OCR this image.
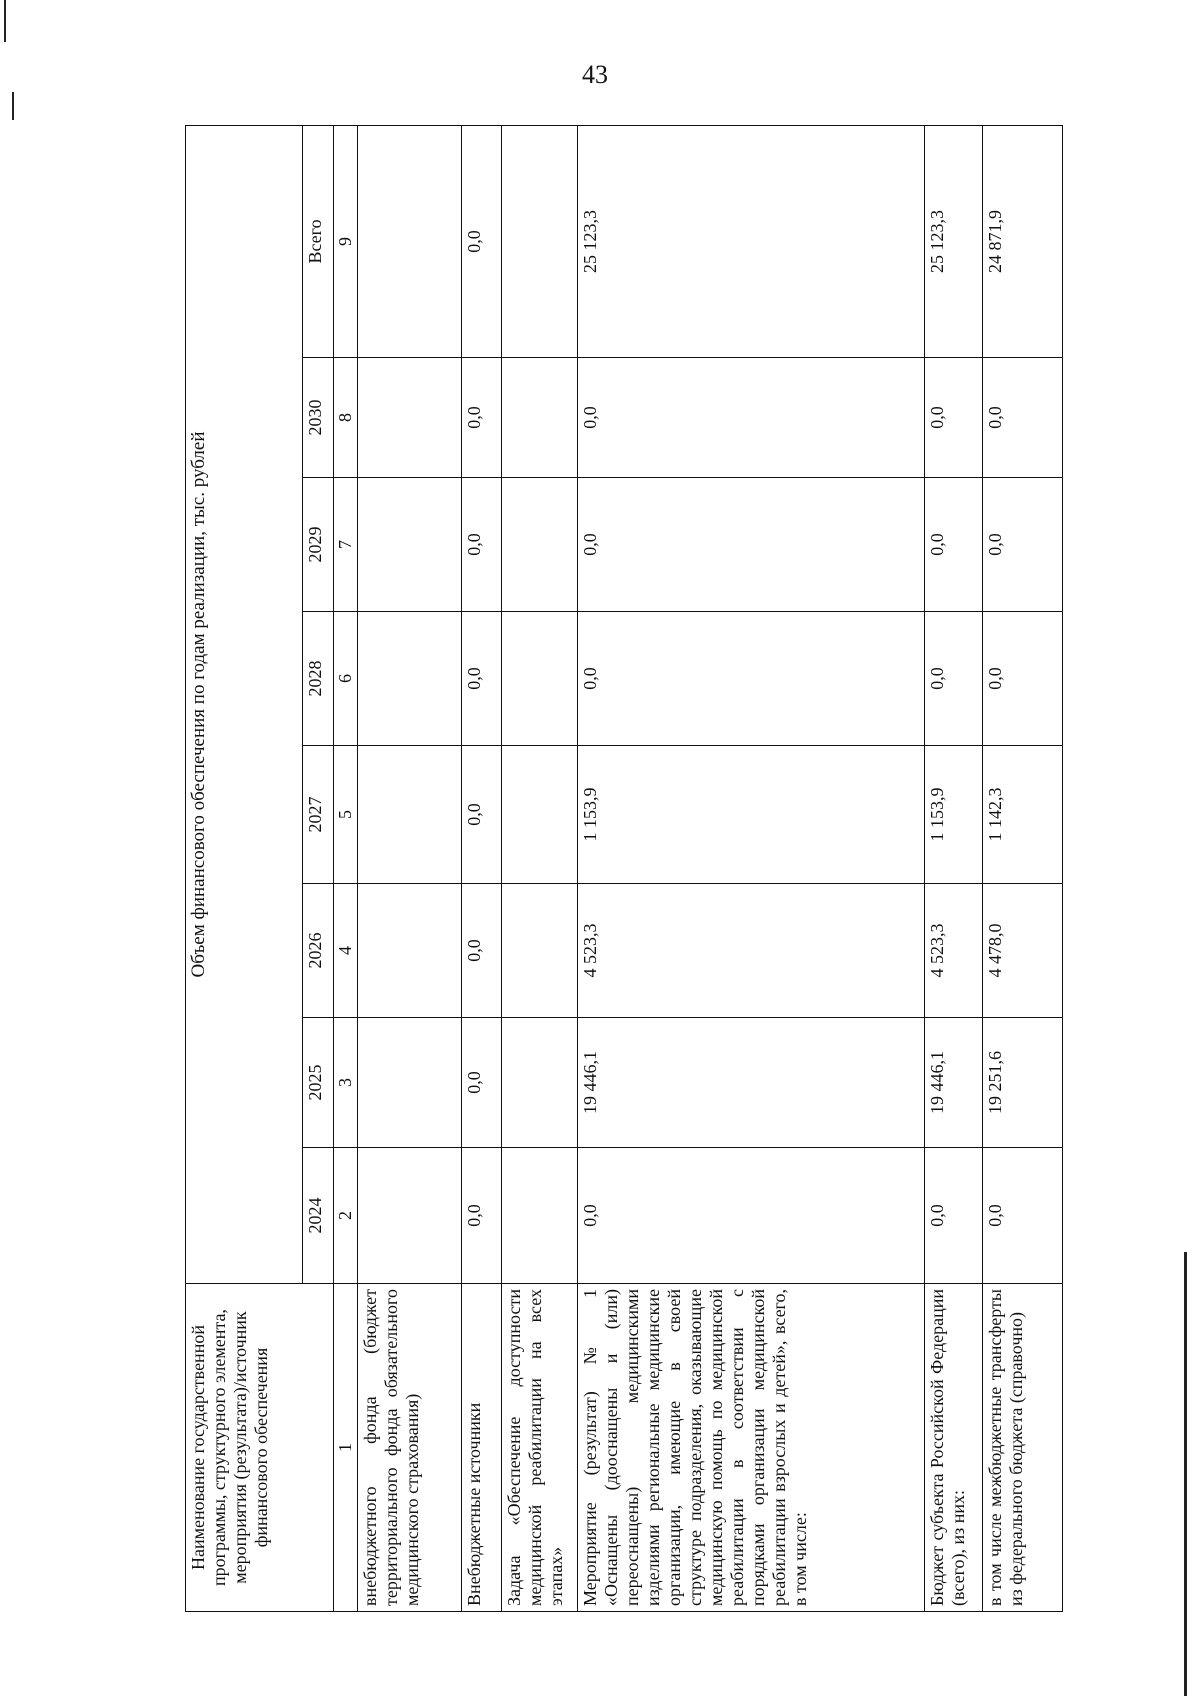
43
Наименование государственной программы, структурного элемента, мероприятия (результата)/источник финансового обеспечения	Объем финансового обеспечения по годам реализации, тыс. рублей							
	2024	2025	2026	2027	2028	2029	2030	Всего
1	2	3	4	5	6	7	8	9
внебюджетного фонда (бюджет территориального фонда обязательного медицинского страхования)								
Внебюджетные источники	0,0	0,0	0,0	0,0	0,0	0,0	0,0	0,0
Задача «Обеспечение доступности медицинской реабилитации на всех этапах»								
Мероприятие (результат) № 1 «Оснащены (дооснащены и (или) переоснащены) медицинскими изделиями региональные медицинские организации, имеющие в своей структуре подразделения, оказывающие медицинскую помощь по медицинской реабилитации в соответствии с порядками организации медицинской реабилитации взрослых и детей», всего, в том числе:	0,0	19 446,1	4 523,3	1 153,9	0,0	0,0	0,0	25 123,3
Бюджет субъекта Российской Федерации (всего), из них:	0,0	19 446,1	4 523,3	1 153,9	0,0	0,0	0,0	25 123,3
в том числе межбюджетные трансферты из федерального бюджета (справочно)	0,0	19 251,6	4 478,0	1 142,3	0,0	0,0	0,0	24 871,9
